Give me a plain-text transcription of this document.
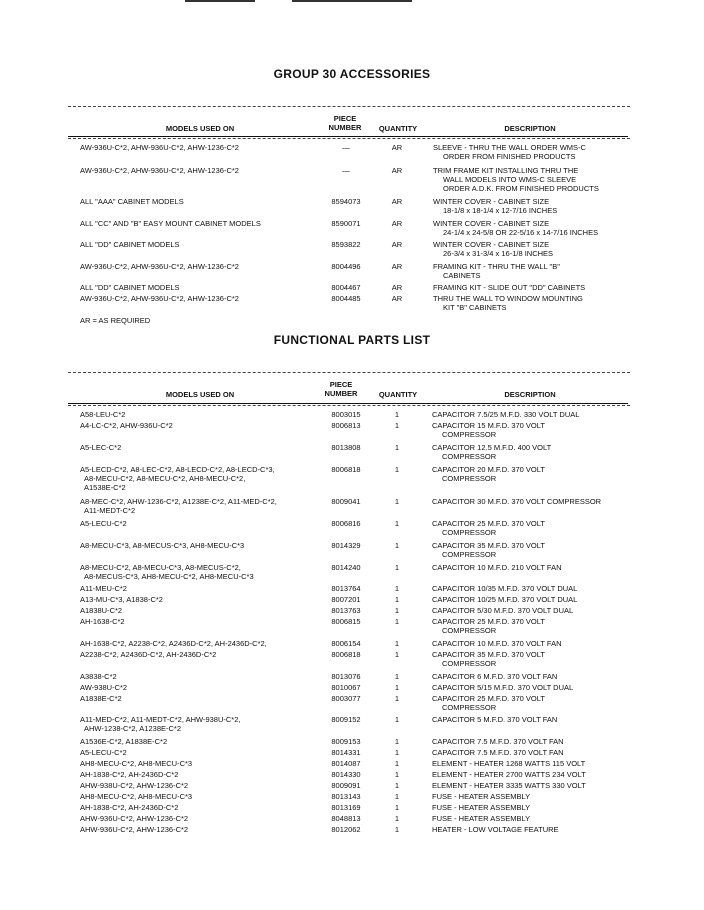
GROUP 30 ACCESSORIES
MODELS USED ON
PIECE
NUMBER	QUANTITY	DESCRIPTION
AW-936U-C*2, AHW-936U-C*2, AHW-1236-C*2	—	AR	SLEEVE - THRU THE WALL ORDER WMS-C
ORDER FROM FINISHED PRODUCTS
AW-936U-C*2, AHW-936U-C*2, AHW-1236-C*2	—	AR	TRIM FRAME KIT INSTALLING THRU THE
WALL MODELS INTO WMS-C SLEEVE
ORDER A.D.K. FROM FINISHED PRODUCTS
ALL "AAA" CABINET MODELS	8594073	AR	WINTER COVER - CABINET SIZE
18-1/8 x 18-1/4 x 12-7/16 INCHES
ALL "CC" AND "B" EASY MOUNT CABINET MODELS	8590071	AR	WINTER COVER - CABINET SIZE
24-1/4 x 24-5/8 OR 22-5/16 x 14-7/16 INCHES
ALL "DD" CABINET MODELS	8593822	AR	WINTER COVER - CABINET SIZE
26-3/4 x 31-3/4 x 16-1/8 INCHES
AW-936U-C*2, AHW-936U-C*2, AHW-1236-C*2	8004496	AR	FRAMING KIT - THRU THE WALL "B"
CABINETS
ALL "DD" CABINET MODELS	8004467	AR	FRAMING KIT - SLIDE OUT "DD" CABINETS
AW-936U-C*2, AHW-936U-C*2, AHW-1236-C*2	8004485	AR	THRU THE WALL TO WINDOW MOUNTING
KIT "B" CABINETS
AR = AS REQUIRED
FUNCTIONAL PARTS LIST
MODELS USED ON
PIECE
NUMBER	QUANTITY	DESCRIPTION
A58-LEU-C*2	8003015	1	CAPACITOR 7.5/25 M.F.D. 330 VOLT DUAL
A4-LC-C*2, AHW-936U-C*2	8006813	1	CAPACITOR 15 M.F.D. 370 VOLT
COMPRESSOR
A5-LEC-C*2	8013808	1	CAPACITOR 12.5 M.F.D. 400 VOLT
COMPRESSOR
A5-LECD-C*2, A8-LEC-C*2, A8-LECD-C*2, A8-LECD-C*3,
A8-MECU-C*2, A8-MECU-C*2, AH8-MECU-C*2,
A1538E-C*2
8006818	1	CAPACITOR 20 M.F.D. 370 VOLT
COMPRESSOR
A8-MEC-C*2, AHW-1236-C*2, A1238E-C*2, A11-MED-C*2,
A11-MEDT-C*2
8009041	1	CAPACITOR 30 M.F.D. 370 VOLT COMPRESSOR
A5-LECU-C*2	8006816	1	CAPACITOR 25 M.F.D. 370 VOLT
COMPRESSOR
A8-MECU-C*3, A8-MECUS-C*3, AH8-MECU-C*3	8014329	1	CAPACITOR 35 M.F.D. 370 VOLT
COMPRESSOR
A8-MECU-C*2, A8-MECU-C*3, A8-MECUS-C*2,
A8-MECUS-C*3, AH8-MECU-C*2, AH8-MECU-C*3
8014240	1	CAPACITOR 10 M.F.D. 210 VOLT FAN
A11-MEU-C*2	8013764	1	CAPACITOR 10/35 M.F.D. 370 VOLT DUAL
A13-MU-C*3, A1838-C*2	8007201	1	CAPACITOR 10/25 M.F.D. 370 VOLT DUAL
A1838U-C*2	8013763	1	CAPACITOR 5/30 M.F.D. 370 VOLT DUAL
AH-1638-C*2	8006815	1	CAPACITOR 25 M.F.D. 370 VOLT
COMPRESSOR
AH-1638-C*2, A2238-C*2, A2436D-C*2, AH-2436D-C*2,	8006154	1	CAPACITOR 10 M.F.D. 370 VOLT FAN
A2238-C*2, A2436D-C*2, AH-2436D-C*2	8006818	1	CAPACITOR 35 M.F.D. 370 VOLT
COMPRESSOR
A3838-C*2	8013076	1	CAPACITOR 6 M.F.D. 370 VOLT FAN
AW-938U-C*2	8010067	1	CAPACITOR 5/15 M.F.D. 370 VOLT DUAL
A1838E-C*2	8003077	1	CAPACITOR 25 M.F.D. 370 VOLT
COMPRESSOR
A11-MED-C*2, A11-MEDT-C*2, AHW-938U-C*2,
AHW-1238-C*2, A1238E-C*2
8009152	1	CAPACITOR 5 M.F.D. 370 VOLT FAN
A1536E-C*2, A1838E-C*2	8009153	1	CAPACITOR 7.5 M.F.D. 370 VOLT FAN
A5-LECU-C*2	8014331	1	CAPACITOR 7.5 M.F.D. 370 VOLT FAN
AH8-MECU-C*2, AH8-MECU-C*3	8014087	1	ELEMENT - HEATER 1268 WATTS 115 VOLT
AH-1838-C*2, AH-2436D-C*2	8014330	1	ELEMENT - HEATER 2700 WATTS 234 VOLT
AHW-938U-C*2, AHW-1236-C*2	8009091	1	ELEMENT - HEATER 3335 WATTS 330 VOLT
AH8-MECU-C*2, AH8-MECU-C*3	8013143	1	FUSE - HEATER ASSEMBLY
AH-1838-C*2, AH-2436D-C*2	8013169	1	FUSE - HEATER ASSEMBLY
AHW-936U-C*2, AHW-1236-C*2	8048813	1	FUSE - HEATER ASSEMBLY
AHW-936U-C*2, AHW-1236-C*2	8012062	1	HEATER - LOW VOLTAGE FEATURE
